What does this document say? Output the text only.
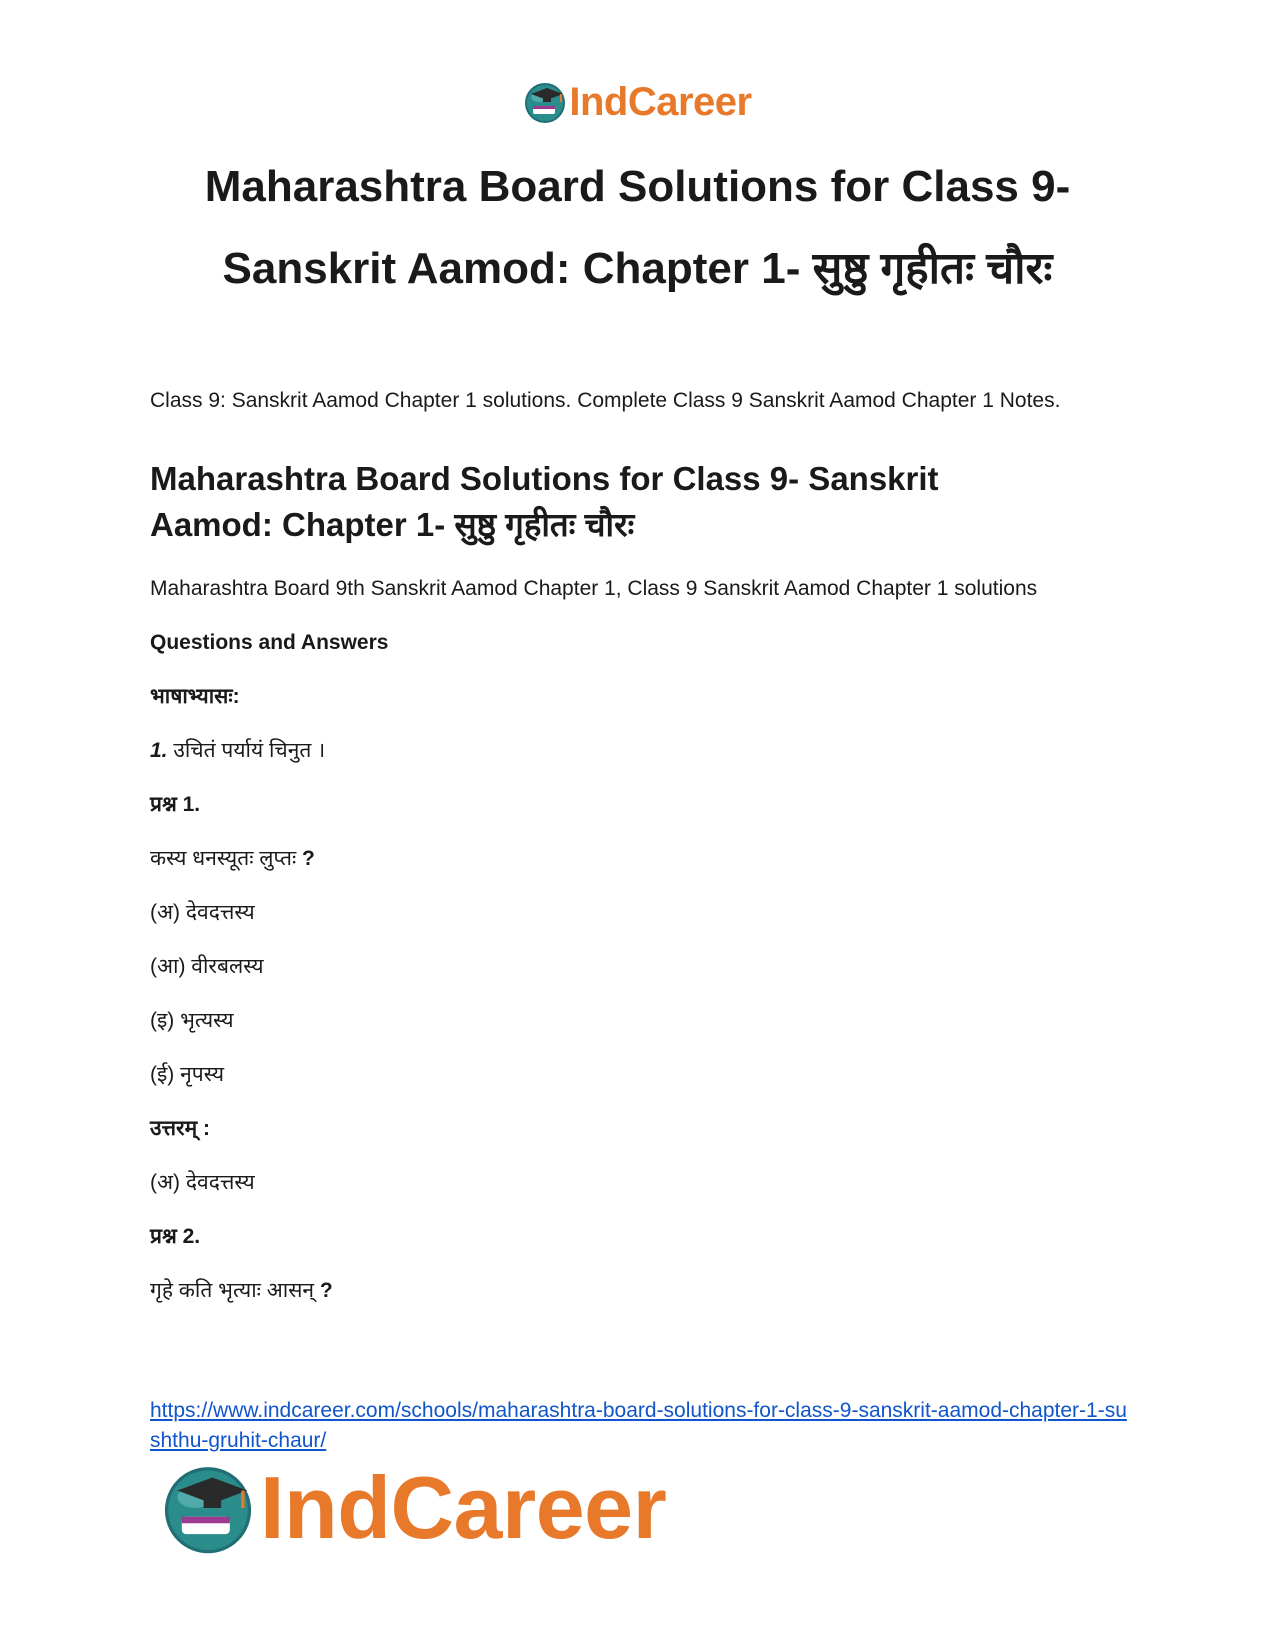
IndCareer
Maharashtra Board Solutions for Class 9-
Sanskrit Aamod: Chapter 1- सुष्ठु गृहीतः चौरः

Class 9: Sanskrit Aamod Chapter 1 solutions. Complete Class 9 Sanskrit Aamod Chapter 1 Notes.

Maharashtra Board Solutions for Class 9- Sanskrit
Aamod: Chapter 1- सुष्ठु गृहीतः चौरः

Maharashtra Board 9th Sanskrit Aamod Chapter 1, Class 9 Sanskrit Aamod Chapter 1 solutions

Questions and Answers

भाषाभ्यासः:

1. उचितं पर्यायं चिनुत ।

प्रश्न 1.

कस्य धनस्यूतः लुप्तः ?

(अ) देवदत्तस्य

(आ) वीरबलस्य

(इ) भृत्यस्य

(ई) नृपस्य

उत्तरम् :

(अ) देवदत्तस्य

प्रश्न 2.

गृहे कति भृत्याः आसन् ?

https://www.indcareer.com/schools/maharashtra-board-solutions-for-class-9-sanskrit-aamod-chapter-1-sushthu-gruhit-chaur/
IndCareer
